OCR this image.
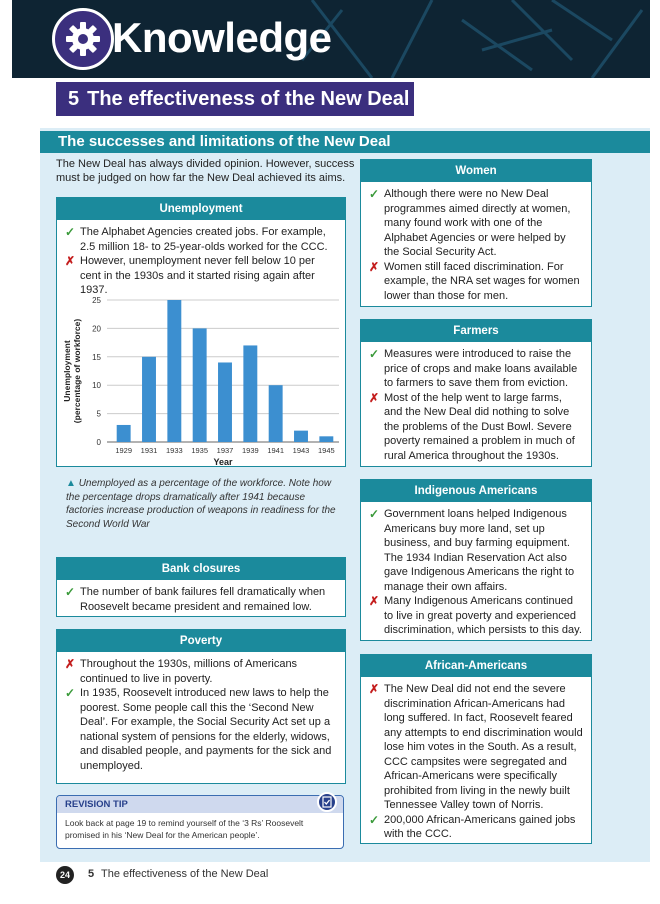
Knowledge
5 The effectiveness of the New Deal
The successes and limitations of the New Deal
The New Deal has always divided opinion. However, success must be judged on how far the New Deal achieved its aims.
Unemployment
✓ The Alphabet Agencies created jobs. For example, 2.5 million 18- to 25-year-olds worked for the CCC.
✗ However, unemployment never fell below 10 per cent in the 1930s and it started rising again after 1937.
0
5
10
15
20
25
1929 1931 1933 1935 1937 1939 1941 1943 1945
Year
Unemployment(percentage of workforce)
▲ Unemployed as a percentage of the workforce. Note how the percentage drops dramatically after 1941 because factories increase production of weapons in readiness for the Second World War
Bank closures
✓ The number of bank failures fell dramatically when Roosevelt became president and remained low.
Poverty
✗ Throughout the 1930s, millions of Americans continued to live in poverty.
✓ In 1935, Roosevelt introduced new laws to help the poorest. Some people call this the ‘Second New Deal’. For example, the Social Security Act set up a national system of pensions for the elderly, widows, and disabled people, and payments for the sick and unemployed.
REVISION TIP
Look back at page 19 to remind yourself of the ‘3 Rs’ Roosevelt promised in his ‘New Deal for the American people’.
Women
✓ Although there were no New Deal programmes aimed directly at women, many found work with one of the Alphabet Agencies or were helped by the Social Security Act.
✗ Women still faced discrimination. For example, the NRA set wages for women lower than those for men.
Farmers
✓ Measures were introduced to raise the price of crops and make loans available to farmers to save them from eviction.
✗ Most of the help went to large farms, and the New Deal did nothing to solve the problems of the Dust Bowl. Severe poverty remained a problem in much of rural America throughout the 1930s.
Indigenous Americans
✓ Government loans helped Indigenous Americans buy more land, set up business, and buy farming equipment. The 1934 Indian Reservation Act also gave Indigenous Americans the right to manage their own affairs.
✗ Many Indigenous Americans continued to live in great poverty and experienced discrimination, which persists to this day.
African-Americans
✗ The New Deal did not end the severe discrimination African-Americans had long suffered. In fact, Roosevelt feared any attempts to end discrimination would lose him votes in the South. As a result, CCC campsites were segregated and African-Americans were specifically prohibited from living in the newly built Tennessee Valley town of Norris.
✓ 200,000 African-Americans gained jobs with the CCC.
24	5 The effectiveness of the New Deal
